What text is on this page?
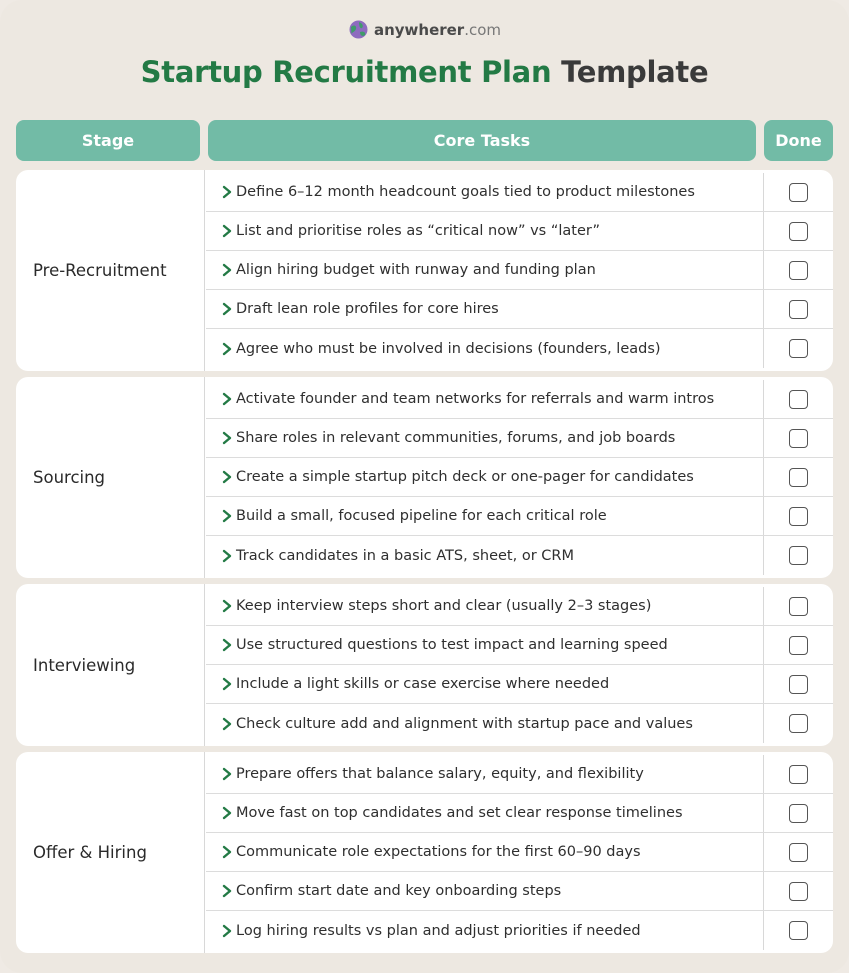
anywherer .com
Startup Recruitment Plan Template
Stage	Core Tasks	Done
Pre-Recruitment
Define 6–12 month headcount goals tied to product milestones
List and prioritise roles as “critical now” vs “later”
Align hiring budget with runway and funding plan
Draft lean role profiles for core hires
Agree who must be involved in decisions (founders, leads)
Sourcing
Activate founder and team networks for referrals and warm intros
Share roles in relevant communities, forums, and job boards
Create a simple startup pitch deck or one-pager for candidates
Build a small, focused pipeline for each critical role
Track candidates in a basic ATS, sheet, or CRM
Interviewing
Keep interview steps short and clear (usually 2–3 stages)
Use structured questions to test impact and learning speed
Include a light skills or case exercise where needed
Check culture add and alignment with startup pace and values
Offer & Hiring
Prepare offers that balance salary, equity, and flexibility
Move fast on top candidates and set clear response timelines
Communicate role expectations for the first 60–90 days
Confirm start date and key onboarding steps
Log hiring results vs plan and adjust priorities if needed
